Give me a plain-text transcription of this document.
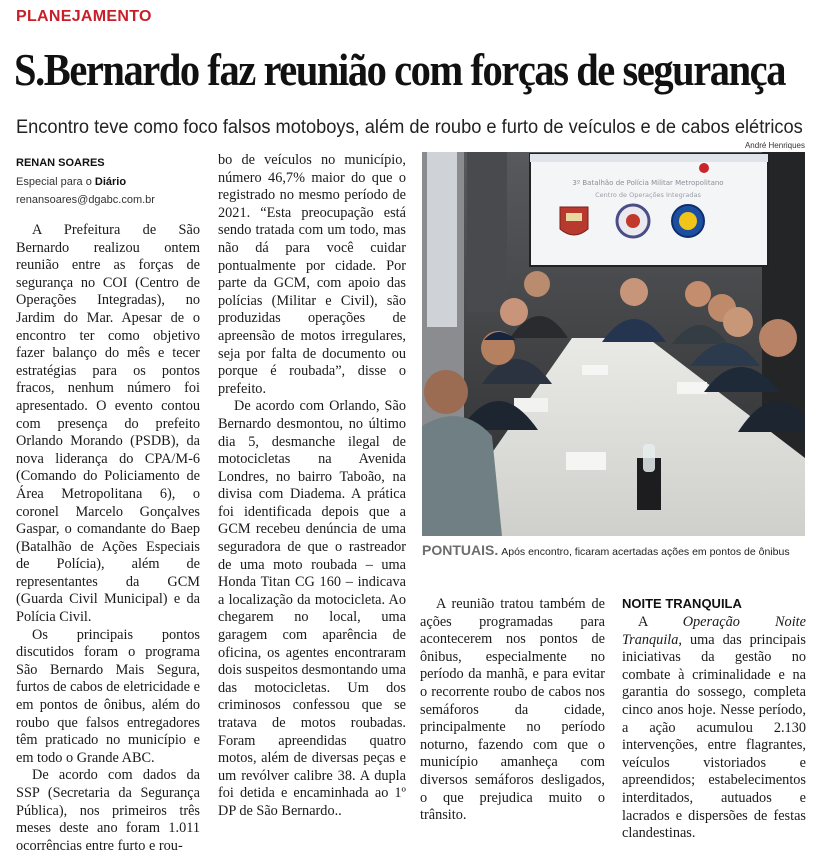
PLANEJAMENTO
S.Bernardo faz reunião com forças de segurança
Encontro teve como foco falsos motoboys, além de roubo e furto de veículos e de cabos elétricos
RENAN SOARES
Especial para o Diário
renansoares@dgabc.com.br

A Prefeitura de São Bernardo realizou ontem reunião entre as forças de segurança no COI (Centro de Operações Integradas), no Jardim do Mar. Apesar de o encontro ter como objetivo fazer balanço do mês e tecer estratégias para os pontos fracos, nenhum número foi apresentado. O evento contou com presença do prefeito Orlando Morando (PSDB), da nova liderança do CPA/M-6 (Comando do Policiamento de Área Metropolitana 6), o coronel Marcelo Gonçalves Gaspar, o comandante do Baep (Batalhão de Ações Especiais de Polícia), além de representantes da GCM (Guarda Civil Municipal) e da Polícia Civil.

Os principais pontos discutidos foram o programa São Bernardo Mais Segura, furtos de cabos de eletricidade e em pontos de ônibus, além do roubo que falsos entregadores têm praticado no município e em todo o Grande ABC.

De acordo com dados da SSP (Secretaria da Segurança Pública), nos primeiros três meses deste ano foram 1.011 ocorrências entre furto e rou-

bo de veículos no município, número 46,7% maior do que o registrado no mesmo período de 2021. “Esta preocupação está sendo tratada com um todo, mas não dá para você cuidar pontualmente por cidade. Por parte da GCM, com apoio das polícias (Militar e Civil), são produzidas operações de apreensão de motos irregulares, seja por falta de documento ou porque é roubada”, disse o prefeito.

De acordo com Orlando, São Bernardo desmontou, no último dia 5, desmanche ilegal de motocicletas na Avenida Londres, no bairro Taboão, na divisa com Diadema. A prática foi identificada depois que a GCM recebeu denúncia de uma seguradora de que o rastreador de uma moto roubada – uma Honda Titan CG 160 – indicava a localização da motocicleta. Ao chegarem no local, uma garagem com aparência de oficina, os agentes encontraram dois suspeitos desmontando uma das motocicletas. Um dos criminosos confessou que se tratava de motos roubadas. Foram apreendidas quatro motos, além de diversas peças e um revólver calibre 38. A dupla foi detida e encaminhada ao 1º DP de São Bernardo..

André Henriques
3º Batalhão de Polícia Militar Metropolitano
Centro de Operações Integradas
PONTUAIS. Após encontro, ficaram acertadas ações em pontos de ônibus

A reunião tratou também de ações programadas para acontecerem nos pontos de ônibus, especialmente no período da manhã, e para evitar o recorrente roubo de cabos nos semáforos da cidade, principalmente no período noturno, fazendo com que o município amanheça com diversos semáforos desligados, o que prejudica muito o trânsito.

NOITE TRANQUILA

A Operação Noite Tranquila, uma das principais iniciativas da gestão no combate à criminalidade e na garantia do sossego, completa cinco anos hoje. Nesse período, a ação acumulou 2.130 intervenções, entre flagrantes, veículos vistoriados e apreendidos; estabelecimentos interditados, autuados e lacrados e dispersões de festas clandestinas.
